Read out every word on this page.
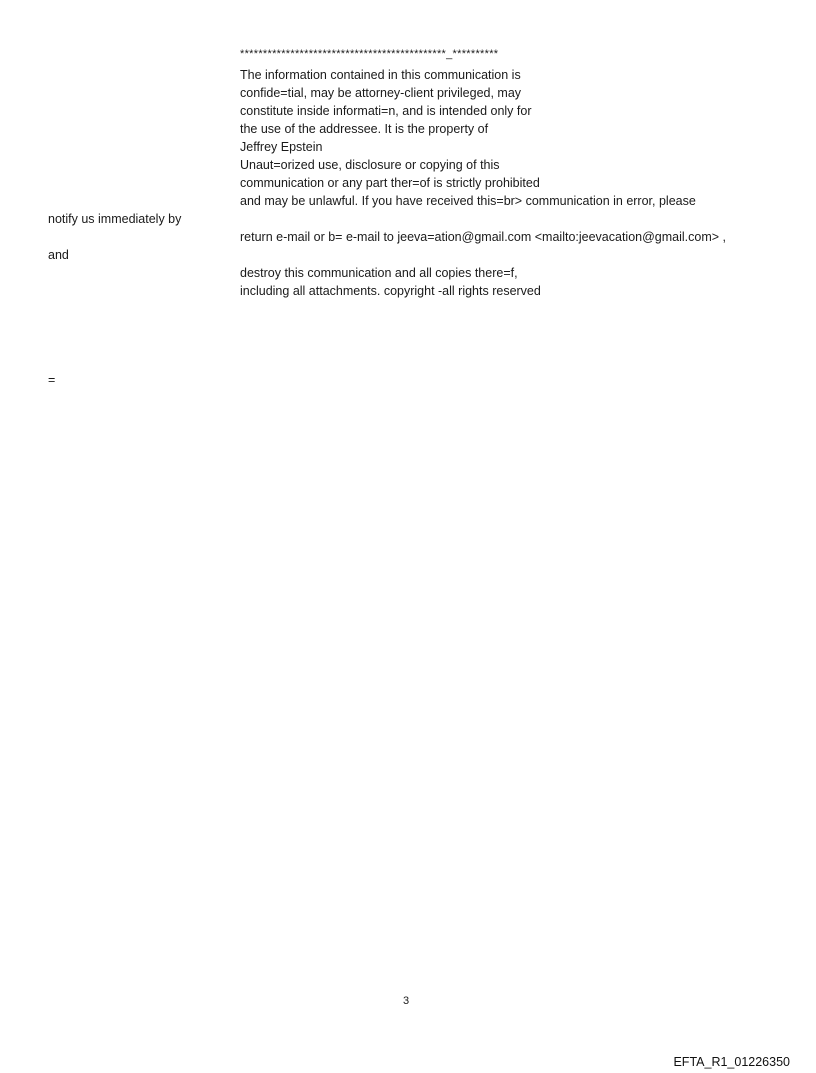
*********************************************_**********
The information contained in this communication is
confide=tial, may be attorney-client privileged, may
constitute inside informati=n, and is intended only for
the use of the addressee. It is the property of
Jeffrey Epstein
Unaut=orized use, disclosure or copying of this
communication or any part ther=of is strictly prohibited
and may be unlawful. If you have received this=br> communication in error, please
notify us immediately by
return e-mail or b= e-mail to jeeva=ation@gmail.com <mailto:jeevacation@gmail.com> ,
and
destroy this communication and all copies there=f,
including all attachments. copyright -all rights reserved
=
3
EFTA_R1_01226350
